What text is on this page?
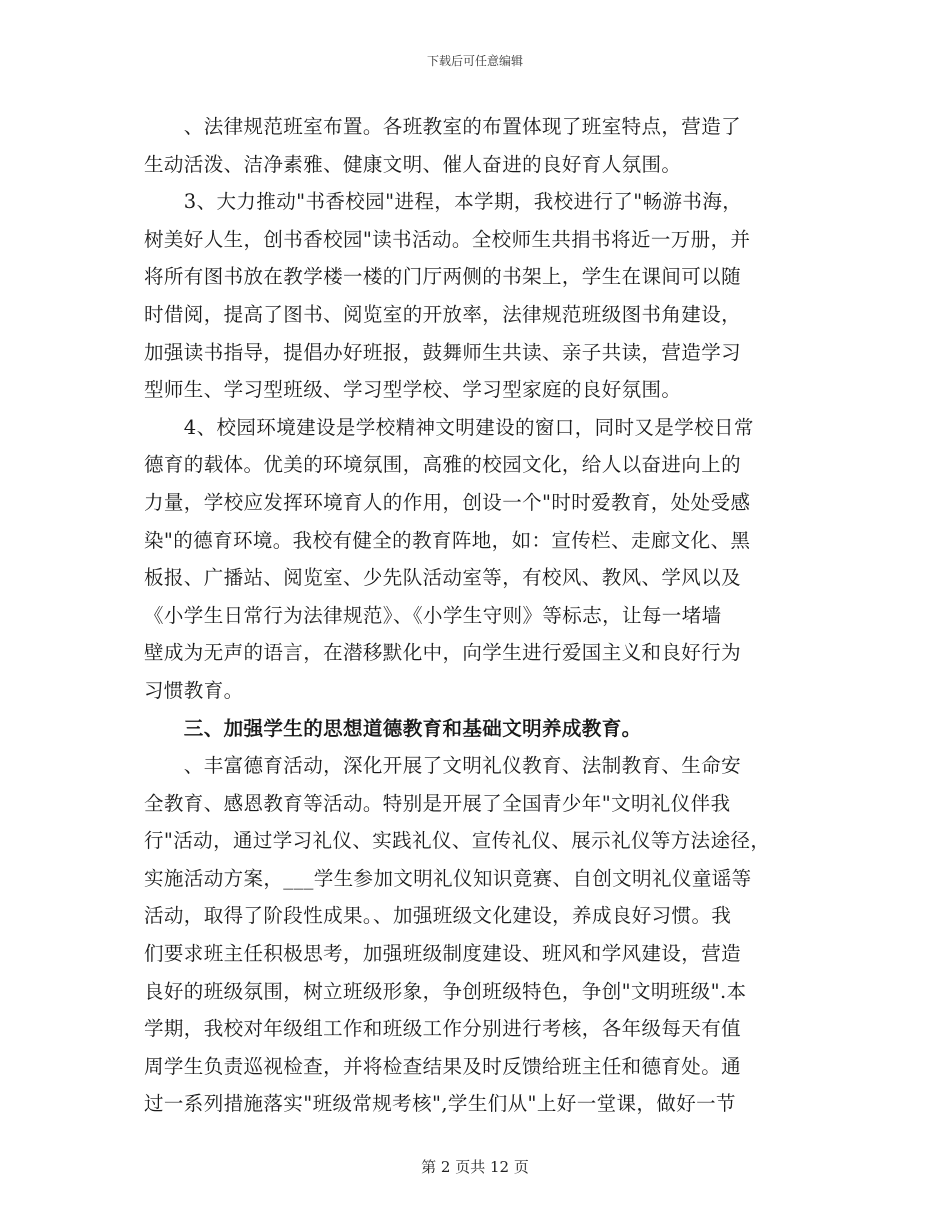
下载后可任意编辑
　　、法律规范班室布置。各班教室的布置体现了班室特点，营造了
生动活泼、洁净素雅、健康文明、催人奋进的良好育人氛围。
　　3、大力推动"书香校园"进程，本学期，我校进行了"畅游书海，
树美好人生，创书香校园"读书活动。全校师生共捐书将近一万册，并
将所有图书放在教学楼一楼的门厅两侧的书架上，学生在课间可以随
时借阅，提高了图书、阅览室的开放率，法律规范班级图书角建设，
加强读书指导，提倡办好班报，鼓舞师生共读、亲子共读，营造学习
型师生、学习型班级、学习型学校、学习型家庭的良好氛围。
　　4、校园环境建设是学校精神文明建设的窗口，同时又是学校日常
德育的载体。优美的环境氛围，高雅的校园文化，给人以奋进向上的
力量，学校应发挥环境育人的作用，创设一个"时时爱教育，处处受感
染"的德育环境。我校有健全的教育阵地，如：宣传栏、走廊文化、黑
板报、广播站、阅览室、少先队活动室等，有校风、教风、学风以及
《小学生日常行为法律规范》、《小学生守则》等标志，让每一堵墙
壁成为无声的语言，在潜移默化中，向学生进行爱国主义和良好行为
习惯教育。
　　三、加强学生的思想道德教育和基础文明养成教育。
　　、丰富德育活动，深化开展了文明礼仪教育、法制教育、生命安
全教育、感恩教育等活动。特别是开展了全国青少年"文明礼仪伴我
行"活动，通过学习礼仪、实践礼仪、宣传礼仪、展示礼仪等方法途径，
实施活动方案，___学生参加文明礼仪知识竟赛、自创文明礼仪童谣等
活动，取得了阶段性成果。、加强班级文化建设，养成良好习惯。我
们要求班主任积极思考，加强班级制度建设、班风和学风建设，营造
良好的班级氛围，树立班级形象，争创班级特色，争创"文明班级".本
学期，我校对年级组工作和班级工作分别进行考核，各年级每天有值
周学生负责巡视检查，并将检查结果及时反馈给班主任和德育处。通
过一系列措施落实"班级常规考核",学生们从"上好一堂课，做好一节
第 2 页共 12 页
